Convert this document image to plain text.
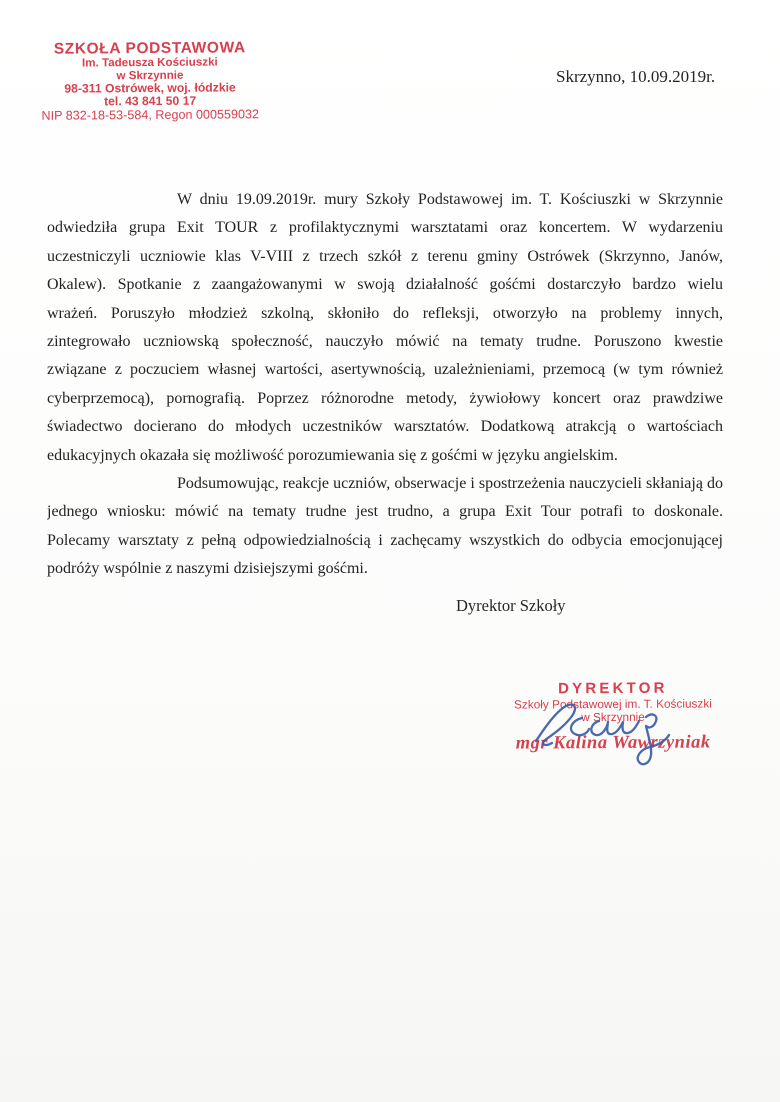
SZKOŁA PODSTAWOWA
Im. Tadeusza Kościuszki
w Skrzynnie
98-311 Ostrówek, woj. łódzkie
tel. 43 841 50 17
NIP 832-18-53-584, Regon 000559032
Skrzynno, 10.09.2019r.
W dniu 19.09.2019r. mury Szkoły Podstawowej im. T. Kościuszki w Skrzynnie
odwiedziła grupa Exit TOUR z profilaktycznymi warsztatami oraz koncertem. W wydarzeniu
uczestniczyli uczniowie klas V-VIII z trzech szkół z terenu gminy Ostrówek (Skrzynno, Janów,
Okalew). Spotkanie z zaangażowanymi w swoją działalność gośćmi dostarczyło bardzo wielu
wrażeń. Poruszyło młodzież szkolną, skłoniło do refleksji, otworzyło na problemy innych,
zintegrowało uczniowską społeczność, nauczyło mówić na tematy trudne. Poruszono kwestie
związane z poczuciem własnej wartości, asertywnością, uzależnieniami, przemocą (w tym również
cyberprzemocą), pornografią. Poprzez różnorodne metody, żywiołowy koncert oraz prawdziwe
świadectwo docierano do młodych uczestników warsztatów. Dodatkową atrakcją o wartościach
edukacyjnych okazała się możliwość porozumiewania się z gośćmi w języku angielskim.
Podsumowując, reakcje uczniów, obserwacje i spostrzeżenia nauczycieli skłaniają do
jednego wniosku: mówić na tematy trudne jest trudno, a grupa Exit Tour potrafi to doskonale.
Polecamy warsztaty z pełną odpowiedzialnością i zachęcamy wszystkich do odbycia emocjonującej
podróży wspólnie z naszymi dzisiejszymi gośćmi.
Dyrektor Szkoły
DYREKTOR
Szkoły Podstawowej im. T. Kościuszki
w Skrzynnie
mgr Kalina Wawrzyniak
